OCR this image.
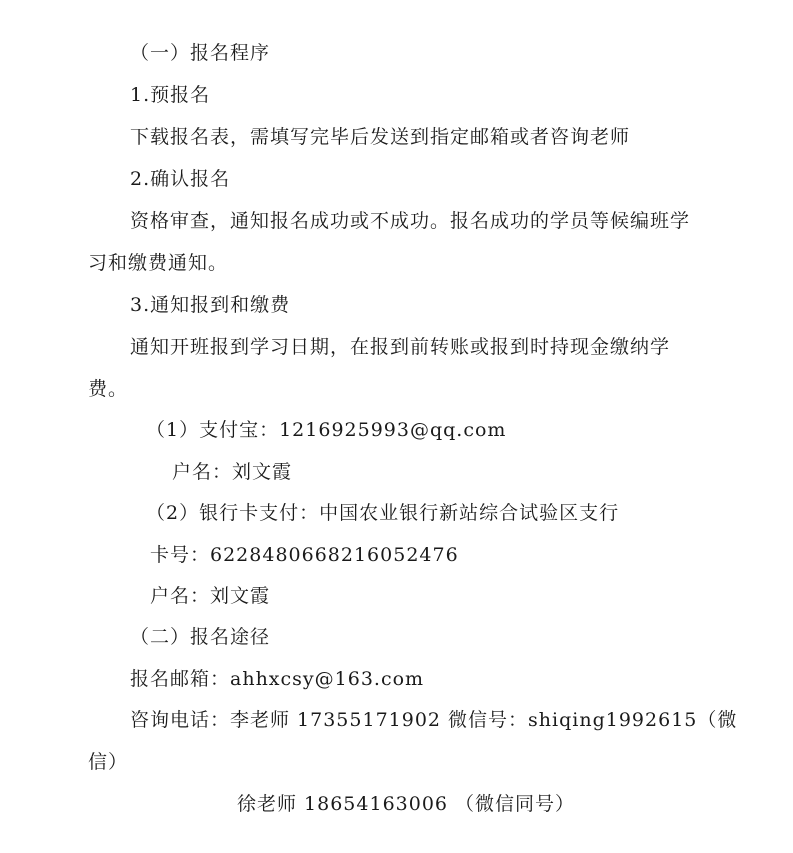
（一）报名程序
1.预报名
下载报名表，需填写完毕后发送到指定邮箱或者咨询老师
2.确认报名
资格审查，通知报名成功或不成功。报名成功的学员等候编班学
习和缴费通知。
3.通知报到和缴费
通知开班报到学习日期，在报到前转账或报到时持现金缴纳学
费。
（1）支付宝：1216925993@qq.com
户名：刘文霞
（2）银行卡支付：中国农业银行新站综合试验区支行
卡号：6228480668216052476
户名：刘文霞
（二）报名途径
报名邮箱：ahhxcsy@163.com
咨询电话：李老师 17355171902 微信号：shiqing1992615（微
信）
徐老师 18654163006 （微信同号）
